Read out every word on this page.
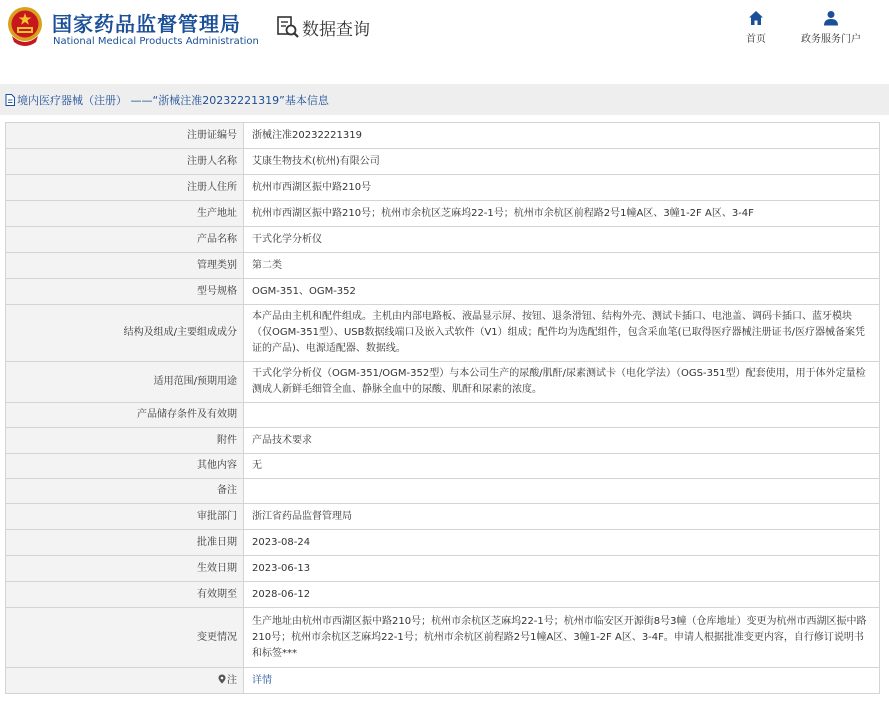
国家药品监督管理局
National Medical Products Administration
数据查询	首页	政务服务门户
境内医疗器械（注册） ——“浙械注准20232221319”基本信息
注册证编号	浙械注准20232221319
注册人名称	艾康生物技术(杭州)有限公司
注册人住所	杭州市西湖区振中路210号
生产地址	杭州市西湖区振中路210号；杭州市余杭区芝麻坞22-1号；杭州市余杭区前程路2号1幢A区、3幢1-2F A区、3-4F
产品名称	干式化学分析仪
管理类别	第二类
型号规格	OGM-351、OGM-352
结构及组成/主要组成成分	本产品由主机和配件组成。主机由内部电路板、液晶显示屏、按钮、退条滑钮、结构外壳、测试卡插口、电池盖、调码卡插口、蓝牙模块（仅OGM-351型）、USB数据线端口及嵌入式软件（V1）组成；配件均为选配组件，包含采血笔(已取得医疗器械注册证书/医疗器械备案凭证的产品)、电源适配器、数据线。
适用范围/预期用途	干式化学分析仪（OGM-351/OGM-352型）与本公司生产的尿酸/肌酐/尿素测试卡（电化学法）（OGS-351型）配套使用，用于体外定量检测成人新鲜毛细管全血、静脉全血中的尿酸、肌酐和尿素的浓度。
产品储存条件及有效期	
附件	产品技术要求
其他内容	无
备注	
审批部门	浙江省药品监督管理局
批准日期	2023-08-24
生效日期	2023-06-13
有效期至	2028-06-12
变更情况	生产地址由杭州市西湖区振中路210号；杭州市余杭区芝麻坞22-1号；杭州市临安区开源街8号3幢（仓库地址）变更为杭州市西湖区振中路210号；杭州市余杭区芝麻坞22-1号；杭州市余杭区前程路2号1幢A区、3幢1-2F A区、3-4F。申请人根据批准变更内容，自行修订说明书和标签***
注	详情
